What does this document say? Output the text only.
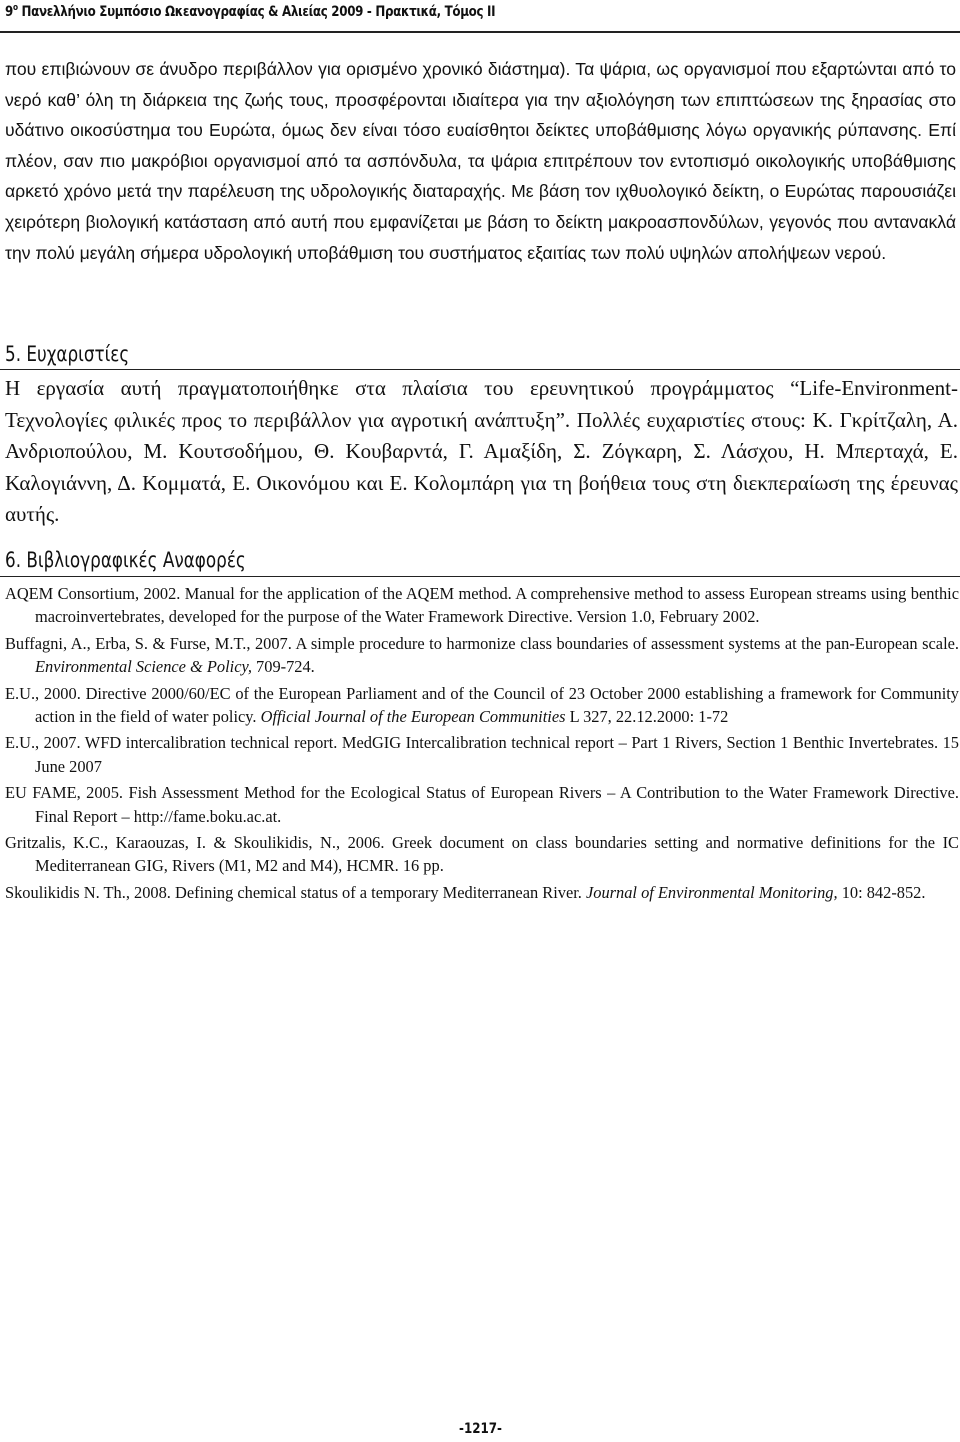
$9^o$ Πανελλήνιο Συμπόσιο Ωκεανογραφίας & Αλιείας 2009 - Πρακτικά, Τόμος ΙΙ
που επιβιώνουν σε άνυδρο περιβάλλον για ορισμένο χρονικό διάστημα). Τα ψάρια, ως οργανισμοί που εξαρτώνται από το νερό καθ’ όλη τη διάρκεια της ζωής τους, προσφέρονται ιδιαίτερα για την αξιολόγηση των επιπτώσεων της ξηρασίας στο υδάτινο οικοσύστημα του Ευρώτα, όμως δεν είναι τόσο ευαίσθητοι δείκτες υποβάθμισης λόγω οργανικής ρύπανσης. Επί πλέον, σαν πιο μακρόβιοι οργανισμοί από τα ασπόνδυλα, τα ψάρια επιτρέπουν τον εντοπισμό οικολογικής υποβάθμισης αρκετό χρόνο μετά την παρέλευση της υδρολογικής διαταραχής. Με βάση τον ιχθυολογικό δείκτη, ο Ευρώτας παρουσιάζει χειρότερη βιολογική κατάσταση από αυτή που εμφανίζεται με βάση το δείκτη μακροασπονδύλων, γεγονός που αντανακλά την πολύ μεγάλη σήμερα υδρολογική υποβάθμιση του συστήματος εξαιτίας των πολύ υψηλών απολήψεων νερού.
5. Ευχαριστίες
Η εργασία αυτή πραγματοποιήθηκε στα πλαίσια του ερευνητικού προγράμματος “Life-Environment- Τεχνολογίες φιλικές προς το περιβάλλον για αγροτική ανάπτυξη”. Πολλές ευχαριστίες στους: Κ. Γκρίτζαλη, Α. Ανδριοπούλου, Μ. Κουτσοδήμου, Θ. Κουβαρντά, Γ. Αμαξίδη, Σ. Ζόγκαρη, Σ. Λάσχου, Η. Μπερταχά, Ε. Καλογιάννη, Δ. Κομματά, Ε. Οικονόμου και Ε. Κολομπάρη για τη βοήθεια τους στη διεκπεραίωση της έρευνας αυτής.
6. Βιβλιογραφικές Αναφορές

AQEM Consortium, 2002. Manual for the application of the AQEM method. A comprehensive method to assess European streams using benthic macroinvertebrates, developed for the purpose of the Water Framework Directive. Version 1.0, February 2002.

Buffagni, A., Erba, S. & Furse, M.T., 2007. A simple procedure to harmonize class boundaries of assessment systems at the pan-European scale. Environmental Science & Policy, 709-724.

E.U., 2000. Directive 2000/60/EC of the European Parliament and of the Council of 23 October 2000 establishing a framework for Community action in the field of water policy. Official Journal of the European Communities L 327, 22.12.2000: 1-72

E.U., 2007. WFD intercalibration technical report. MedGIG Intercalibration technical report – Part 1 Rivers, Section 1 Benthic Invertebrates. 15 June 2007

EU FAME, 2005. Fish Assessment Method for the Ecological Status of European Rivers – A Contribution to the Water Framework Directive. Final Report – http://fame.boku.ac.at.

Gritzalis, K.C., Karaouzas, I. & Skoulikidis, N., 2006. Greek document on class boundaries setting and normative definitions for the IC Mediterranean GIG, Rivers (M1, M2 and M4), HCMR. 16 pp.

Skoulikidis N. Th., 2008. Defining chemical status of a temporary Mediterranean River. Journal of Environmental Monitoring, 10: 842-852.

-1217-
